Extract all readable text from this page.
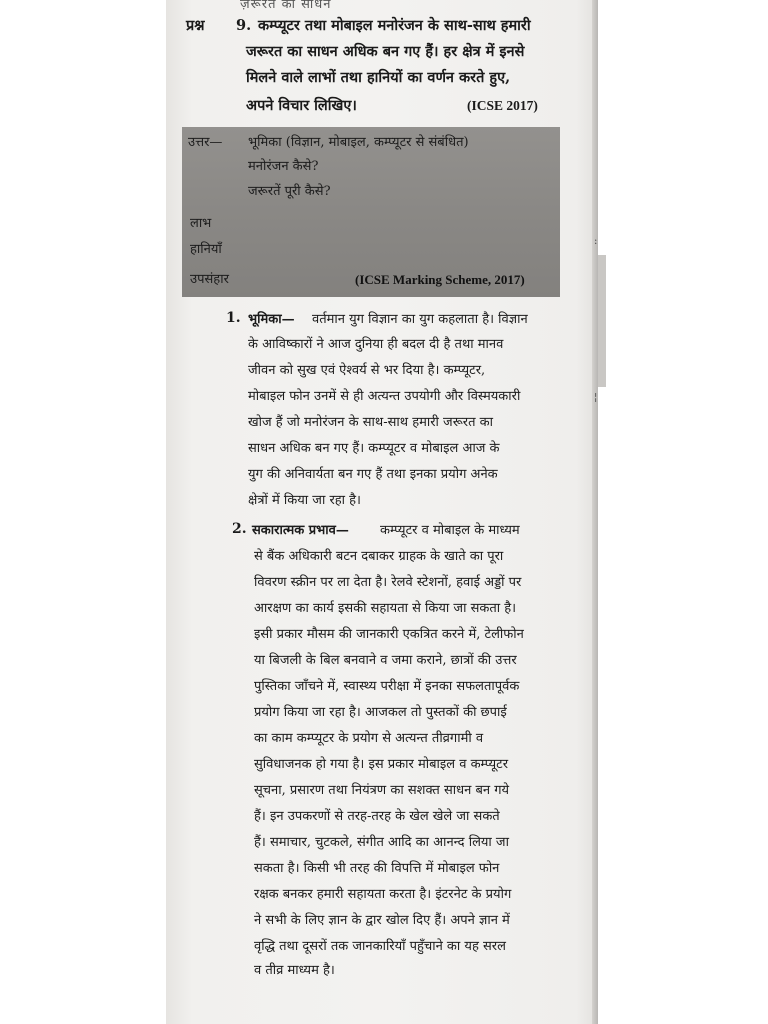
ज़रूरत का साधन
प्रश्न 9. कम्प्यूटर तथा मोबाइल मनोरंजन के साथ-साथ हमारी
जरूरत का साधन अधिक बन गए हैं। हर क्षेत्र में इनसे
मिलने वाले लाभों तथा हानियों का वर्णन करते हुए,
अपने विचार लिखिए।	(ICSE 2017)
उत्तर— भूमिका (विज्ञान, मोबाइल, कम्प्यूटर से संबंधित)
मनोरंजन कैसे?
जरूरतें पूरी कैसे?
लाभ
हानियाँ
उपसंहार	(ICSE Marking Scheme, 2017)
1. भूमिका— वर्तमान युग विज्ञान का युग कहलाता है। विज्ञान
के आविष्कारों ने आज दुनिया ही बदल दी है तथा मानव
जीवन को सुख एवं ऐश्वर्य से भर दिया है। कम्प्यूटर,
मोबाइल फोन उनमें से ही अत्यन्त उपयोगी और विस्मयकारी
खोज हैं जो मनोरंजन के साथ-साथ हमारी जरूरत का
साधन अधिक बन गए हैं। कम्प्यूटर व मोबाइल आज के
युग की अनिवार्यता बन गए हैं तथा इनका प्रयोग अनेक
क्षेत्रों में किया जा रहा है।
2. सकारात्मक प्रभाव— कम्प्यूटर व मोबाइल के माध्यम
से बैंक अधिकारी बटन दबाकर ग्राहक के खाते का पूरा
विवरण स्क्रीन पर ला देता है। रेलवे स्टेशनों, हवाई अड्डों पर
आरक्षण का कार्य इसकी सहायता से किया जा सकता है।
इसी प्रकार मौसम की जानकारी एकत्रित करने में, टेलीफोन
या बिजली के बिल बनवाने व जमा कराने, छात्रों की उत्तर
पुस्तिका जाँचने में, स्वास्थ्य परीक्षा में इनका सफलतापूर्वक
प्रयोग किया जा रहा है। आजकल तो पुस्तकों की छपाई
का काम कम्प्यूटर के प्रयोग से अत्यन्त तीव्रगामी व
सुविधाजनक हो गया है। इस प्रकार मोबाइल व कम्प्यूटर
सूचना, प्रसारण तथा नियंत्रण का सशक्त साधन बन गये
हैं। इन उपकरणों से तरह-तरह के खेल खेले जा सकते
हैं। समाचार, चुटकले, संगीत आदि का आनन्द लिया जा
सकता है। किसी भी तरह की विपत्ति में मोबाइल फोन
रक्षक बनकर हमारी सहायता करता है। इंटरनेट के प्रयोग
ने सभी के लिए ज्ञान के द्वार खोल दिए हैं। अपने ज्ञान में
वृद्धि तथा दूसरों तक जानकारियाँ पहुँचाने का यह सरल
व तीव्र माध्यम है।
:
¦
